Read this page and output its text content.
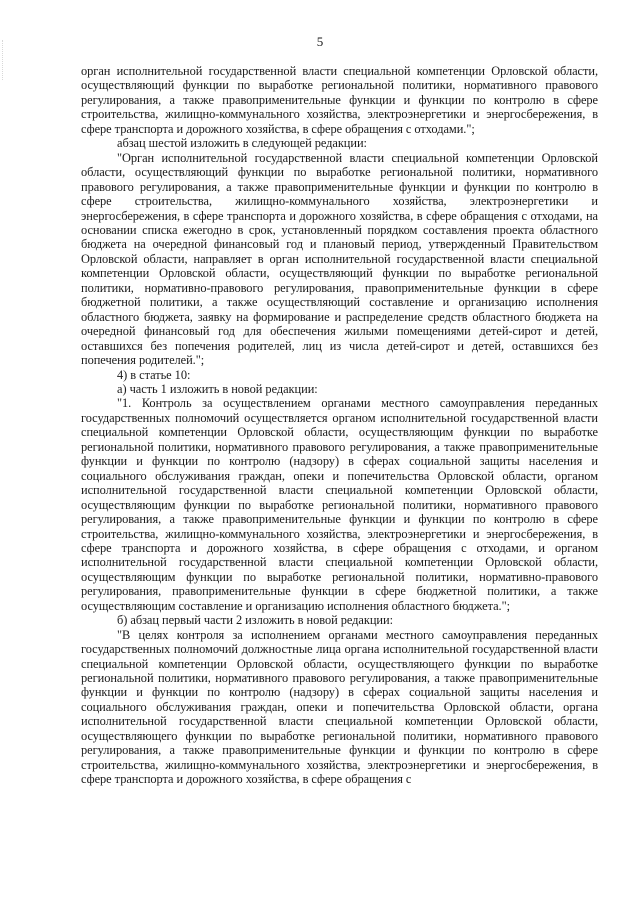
5

орган исполнительной государственной власти специальной компетенции Орловской области, осуществляющий функции по выработке региональной политики, нормативного правового регулирования, а также правоприменительные функции и функции по контролю в сфере строительства, жилищно-коммунального хозяйства, электроэнергетики и энергосбережения, в сфере транспорта и дорожного хозяйства, в сфере обращения с отходами.";

абзац шестой изложить в следующей редакции:

"Орган исполнительной государственной власти специальной компетенции Орловской области, осуществляющий функции по выработке региональной политики, нормативного правового регулирования, а также правоприменительные функции и функции по контролю в сфере строительства, жилищно-коммунального хозяйства, электроэнергетики и энергосбережения, в сфере транспорта и дорожного хозяйства, в сфере обращения с отходами, на основании списка ежегодно в срок, установленный порядком составления проекта областного бюджета на очередной финансовый год и плановый период, утвержденный Правительством Орловской области, направляет в орган исполнительной государственной власти специальной компетенции Орловской области, осуществляющий функции по выработке региональной политики, нормативно-правового регулирования, правоприменительные функции в сфере бюджетной политики, а также осуществляющий составление и организацию исполнения областного бюджета, заявку на формирование и распределение средств областного бюджета на очередной финансовый год для обеспечения жилыми помещениями детей-сирот и детей, оставшихся без попечения родителей, лиц из числа детей-сирот и детей, оставшихся без попечения родителей.";

4) в статье 10:

а) часть 1 изложить в новой редакции:

"1. Контроль за осуществлением органами местного самоуправления переданных государственных полномочий осуществляется органом исполнительной государственной власти специальной компетенции Орловской области, осуществляющим функции по выработке региональной политики, нормативного правового регулирования, а также правоприменительные функции и функции по контролю (надзору) в сферах социальной защиты населения и социального обслуживания граждан, опеки и попечительства Орловской области, органом исполнительной государственной власти специальной компетенции Орловской области, осуществляющим функции по выработке региональной политики, нормативного правового регулирования, а также правоприменительные функции и функции по контролю в сфере строительства, жилищно-коммунального хозяйства, электроэнергетики и энергосбережения, в сфере транспорта и дорожного хозяйства, в сфере обращения с отходами, и органом исполнительной государственной власти специальной компетенции Орловской области, осуществляющим функции по выработке региональной политики, нормативно-правового регулирования, правоприменительные функции в сфере бюджетной политики, а также осуществляющим составление и организацию исполнения областного бюджета.";

б) абзац первый части 2 изложить в новой редакции:

"В целях контроля за исполнением органами местного самоуправления переданных государственных полномочий должностные лица органа исполнительной государственной власти специальной компетенции Орловской области, осуществляющего функции по выработке региональной политики, нормативного правового регулирования, а также правоприменительные функции и функции по контролю (надзору) в сферах социальной защиты населения и социального обслуживания граждан, опеки и попечительства Орловской области, органа исполнительной государственной власти специальной компетенции Орловской области, осуществляющего функции по выработке региональной политики, нормативного правового регулирования, а также правоприменительные функции и функции по контролю в сфере строительства, жилищно-коммунального хозяйства, электроэнергетики и энергосбережения, в сфере транспорта и дорожного хозяйства, в сфере обращения с
